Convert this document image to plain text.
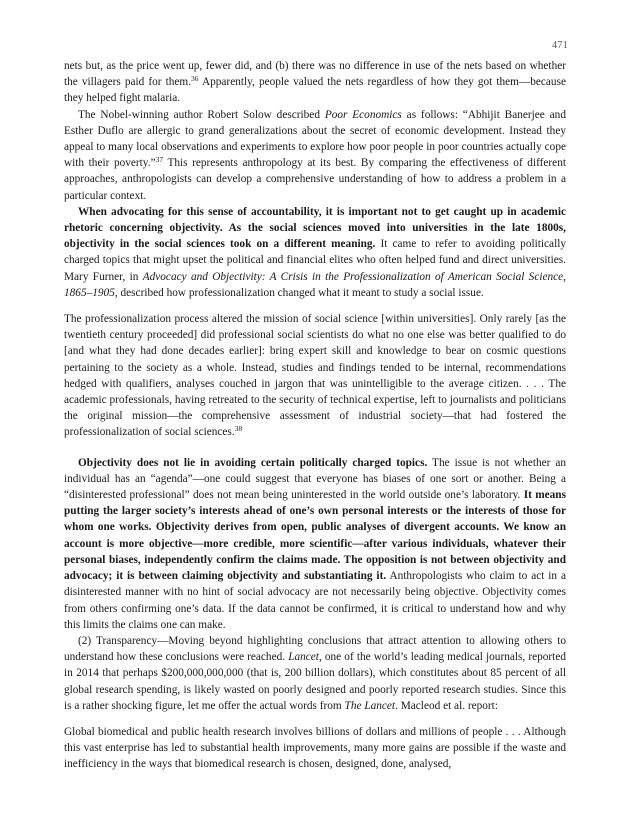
471

nets but, as the price went up, fewer did, and (b) there was no difference in use of the nets based on whether the villagers paid for them.$^{36}$ Apparently, people valued the nets regardless of how they got them—because they helped fight malaria.

The Nobel-winning author Robert Solow described Poor Economics as follows: “Abhijit Banerjee and Esther Duflo are allergic to grand generalizations about the secret of economic development. Instead they appeal to many local observations and experiments to explore how poor people in poor countries actually cope with their poverty.”$^{37}$ This represents anthropology at its best. By comparing the effectiveness of different approaches, anthropologists can develop a comprehensive understanding of how to address a problem in a particular context.

When advocating for this sense of accountability, it is important not to get caught up in academic rhetoric concerning objectivity. As the social sciences moved into universities in the late 1800s, objectivity in the social sciences took on a different meaning. It came to refer to avoiding politically charged topics that might upset the political and financial elites who often helped fund and direct universities. Mary Furner, in Advocacy and Objectivity: A Crisis in the Professionalization of American Social Science, 1865–1905, described how professionalization changed what it meant to study a social issue.

The professionalization process altered the mission of social science [within universities]. Only rarely [as the twentieth century proceeded] did professional social scientists do what no one else was better qualified to do [and what they had done decades earlier]: bring expert skill and knowledge to bear on cosmic questions pertaining to the society as a whole. Instead, studies and findings tended to be internal, recommendations hedged with qualifiers, analyses couched in jargon that was unintelligible to the average citizen. . . . The academic professionals, having retreated to the security of technical expertise, left to journalists and politicians the original mission—the comprehensive assessment of industrial society—that had fostered the professionalization of social sciences.$^{38}$

Objectivity does not lie in avoiding certain politically charged topics. The issue is not whether an individual has an “agenda”—one could suggest that everyone has biases of one sort or another. Being a “disinterested professional” does not mean being uninterested in the world outside one’s laboratory. It means putting the larger society’s interests ahead of one’s own personal interests or the interests of those for whom one works. Objectivity derives from open, public analyses of divergent accounts. We know an account is more objective—more credible, more scientific—after various individuals, whatever their personal biases, independently confirm the claims made. The opposition is not between objectivity and advocacy; it is between claiming objectivity and substantiating it. Anthropologists who claim to act in a disinterested manner with no hint of social advocacy are not necessarily being objective. Objectivity comes from others confirming one’s data. If the data cannot be confirmed, it is critical to understand how and why this limits the claims one can make.

(2) Transparency—Moving beyond highlighting conclusions that attract attention to allowing others to understand how these conclusions were reached. Lancet, one of the world’s leading medical journals, reported in 2014 that perhaps $200,000,000,000 (that is, 200 billion dollars), which constitutes about 85 percent of all global research spending, is likely wasted on poorly designed and poorly reported research studies. Since this is a rather shocking figure, let me offer the actual words from The Lancet. Macleod et al. report:

Global biomedical and public health research involves billions of dollars and millions of people . . . Although this vast enterprise has led to substantial health improvements, many more gains are possible if the waste and inefficiency in the ways that biomedical research is chosen, designed, done, analysed,
